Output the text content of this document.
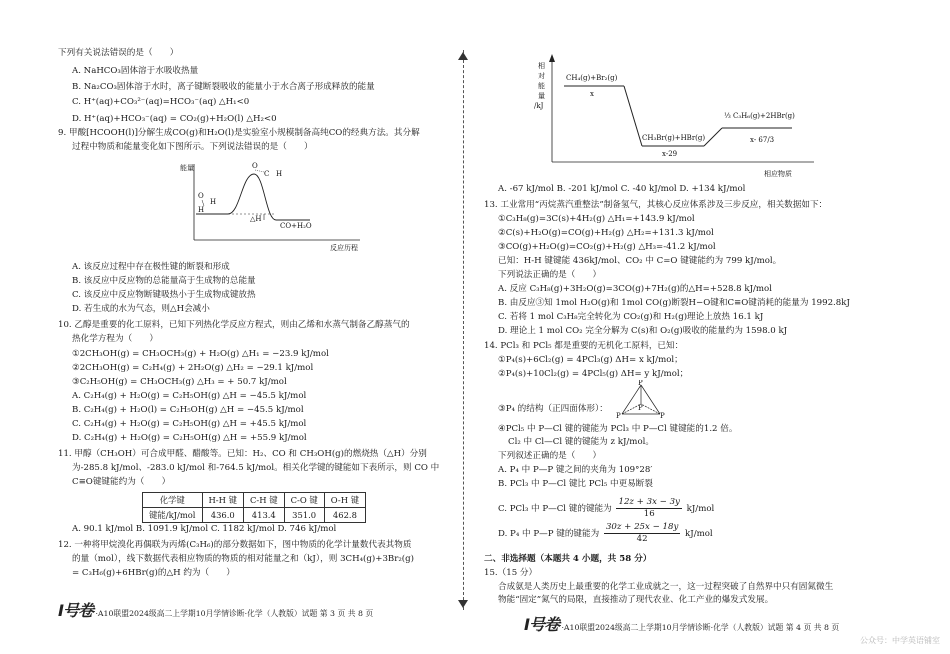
下列有关说法错误的是（　　）
A. NaHCO₃固体溶于水吸收热量
B. Na₂CO₃固体溶于水时，离子键断裂吸收的能量小于水合离子形成释放的能量
C. H⁺(aq)+CO₃²⁻(aq)=HCO₃⁻(aq) △H₁<0
D. H⁺(aq)+HCO₃⁻(aq) = CO₂(g)+H₂O(l) △H₂<0
9. 甲酸[HCOOH(l)]分解生成CO(g)和H₂O(l)是实验室小规模制备高纯CO的经典方法。其分解
过程中物质和能量变化如下图所示。下列说法错误的是（　　）
能量
△H
CO+H₂O
反应历程
O
H
H
O
C H
A. 该反应过程中存在极性键的断裂和形成
B. 该反应中反应物的总能量高于生成物的总能量
C. 该反应中反应物断键吸热小于生成物成键放热
D. 若生成的水为气态，则△H会减小
10. 乙醇是重要的化工原料，已知下列热化学反应方程式，则由乙烯和水蒸气制备乙醇蒸气的
热化学方程为（　　）
①2CH₃OH(g) = CH₃OCH₃(g) + H₂O(g) △H₁ = −23.9 kJ/mol
②2CH₃OH(g) = C₂H₄(g) + 2H₂O(g) △H₂ = −29.1 kJ/mol
③C₂H₅OH(g) = CH₃OCH₃(g) △H₃ = + 50.7 kJ/mol
A. C₂H₄(g) + H₂O(g) = C₂H₅OH(g) △H = −45.5 kJ/mol
B. C₂H₄(g) + H₂O(l) = C₂H₅OH(g) △H = −45.5 kJ/mol
C. C₂H₄(g) + H₂O(g) = C₂H₅OH(g) △H = +45.5 kJ/mol
D. C₂H₄(g) + H₂O(g) = C₂H₅OH(g) △H = +55.9 kJ/mol
11. 甲醇（CH₃OH）可合成甲醛、醋酸等。已知：H₂、CO 和 CH₃OH(g)的燃烧热（△H）分别
为-285.8 kJ/mol、-283.0 kJ/mol 和-764.5 kJ/mol。相关化学键的键能如下表所示，则 CO 中
C≡O键键能约为（　　）
化学键	H-H 键	C-H 键	C-O 键	O-H 键
键能/kJ/mol	436.0	413.4	351.0	462.8
A. 90.1 kJ/mol B. 1091.9 kJ/mol C. 1182 kJ/mol D. 746 kJ/mol
12. 一种将甲烷溴化再偶联为丙烯(C₃H₆)的部分数据如下，图中物质的化学计量数代表其物质
的量（mol），线下数据代表相应物质的物质的相对能量之和（kJ），则 3CH₄(g)+3Br₂(g)
= C₃H₆(g)+6HBr(g)的△H 约为（　　）
I号卷 ·A10联盟2024级高二上学期10月学情诊断·化学（人教版）试题 第 3 页 共 8 页
相
对
能
量
/kJ
相应物质
CH₄(g)+Br₂(g)
x
CH₃Br(g)+HBr(g)
x-29
⅓ C₃H₆(g)+2HBr(g)
x- 67/3
A. -67 kJ/mol B. -201 kJ/mol C. -40 kJ/mol D. +134 kJ/mol
13. 工业常用“丙烷蒸汽重整法”制备氢气，其核心反应体系涉及三步反应，相关数据如下：
①C₃H₈(g)=3C(s)+4H₂(g) △H₁=+143.9 kJ/mol
②C(s)+H₂O(g)=CO(g)+H₂(g) △H₂=+131.3 kJ/mol
③CO(g)+H₂O(g)=CO₂(g)+H₂(g) △H₃=-41.2 kJ/mol
已知：H-H 键键能 436kJ/mol、CO₂ 中 C=O 键键能约为 799 kJ/mol。
下列说法正确的是（　　）
A. 反应 C₃H₈(g)+3H₂O(g)=3CO(g)+7H₂(g)的△H=+528.8 kJ/mol
B. 由反应③知 1mol H₂O(g)和 1mol CO(g)断裂H−O键和C≡O键消耗的能量为 1992.8kJ
C. 若将 1 mol C₃H₈完全转化为 CO₂(g)和 H₂(g)理论上放热 16.1 kJ
D. 理论上 1 mol CO₂ 完全分解为 C(s)和 O₂(g)吸收的能量约为 1598.0 kJ
14. PCl₃ 和 PCl₅ 都是重要的无机化工原料，已知：
①P₄(s)+6Cl₂(g) = 4PCl₃(g) ΔH= x kJ/mol；
②P₄(s)+10Cl₂(g) = 4PCl₅(g) ΔH= y kJ/mol；
③P₄ 的结构（正四面体形）：
P
P	P
P
④PCl₅ 中 P—Cl 键的键能为 PCl₃ 中 P—Cl 键键能的1.2 倍。
Cl₂ 中 Cl—Cl 键的键能为 z kJ/mol。
下列叙述正确的是（　　）
A. P₄ 中 P—P 键之间的夹角为 109°28′
B. PCl₃ 中 P—Cl 键比 PCl₅ 中更易断裂
C. PCl₃ 中 P—Cl 键的键能为 $\frac{12z + 3x - 3y}{16} kJ/mol$
D. P₄ 中 P—P 键的键能为 $\frac{30z + 25x - 18y}{42} kJ/mol$
二、非选择题（本题共 4 小题，共 58 分）
15.（15 分）
合成氨是人类历史上最重要的化学工业成就之一，这一过程突破了自然界中只有固氮微生
物能“固定”氮气的局限，直接推动了现代农业、化工产业的爆发式发展。
I号卷 ·A10联盟2024级高二上学期10月学情诊断·化学（人教版）试题 第 4 页 共 8 页
公众号：中学英语铺室
